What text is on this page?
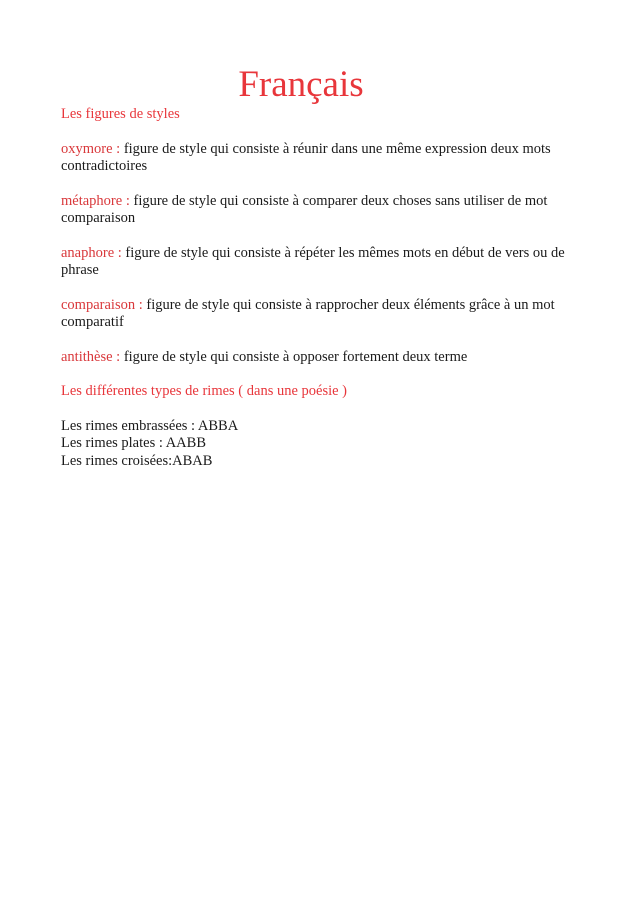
Français

Les figures de styles

oxymore : figure de style qui consiste à réunir dans une même expression deux mots contradictoires

métaphore : figure de style qui consiste à comparer deux choses sans utiliser de mot comparaison

anaphore : figure de style qui consiste à répéter les mêmes mots en début de vers ou de phrase

comparaison : figure de style qui consiste à rapprocher deux éléments grâce à un mot comparatif

antithèse : figure de style qui consiste à opposer fortement deux terme

Les différentes types de rimes ( dans une poésie )

Les rimes embrassées : ABBA

Les rimes plates : AABB

Les rimes croisées:ABAB
